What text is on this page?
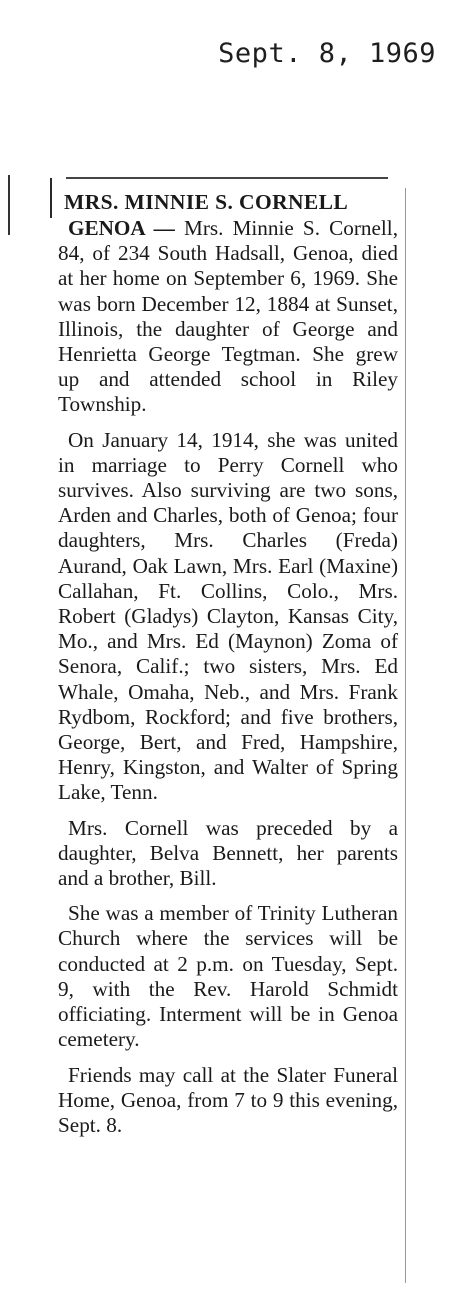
Sept. 8, 1969
MRS. MINNIE S. CORNELL

GENOA — Mrs. Minnie S. Cornell, 84, of 234 South Hadsall, Genoa, died at her home on September 6, 1969. She was born December 12, 1884 at Sunset, Illinois, the daughter of George and Henrietta George Tegtman. She grew up and attended school in Riley Township.

On January 14, 1914, she was united in marriage to Perry Cornell who survives. Also surviving are two sons, Arden and Charles, both of Genoa; four daughters, Mrs. Charles (Freda) Aurand, Oak Lawn, Mrs. Earl (Maxine) Callahan, Ft. Collins, Colo., Mrs. Robert (Gladys) Clayton, Kansas City, Mo., and Mrs. Ed (Maynon) Zoma of Senora, Calif.; two sisters, Mrs. Ed Whale, Omaha, Neb., and Mrs. Frank Rydbom, Rockford; and five brothers, George, Bert, and Fred, Hampshire, Henry, Kingston, and Walter of Spring Lake, Tenn.

Mrs. Cornell was preceded by a daughter, Belva Bennett, her parents and a brother, Bill.

She was a member of Trinity Lutheran Church where the services will be conducted at 2 p.m. on Tuesday, Sept. 9, with the Rev. Harold Schmidt officiating. Interment will be in Genoa cemetery.

Friends may call at the Slater Funeral Home, Genoa, from 7 to 9 this evening, Sept. 8.
